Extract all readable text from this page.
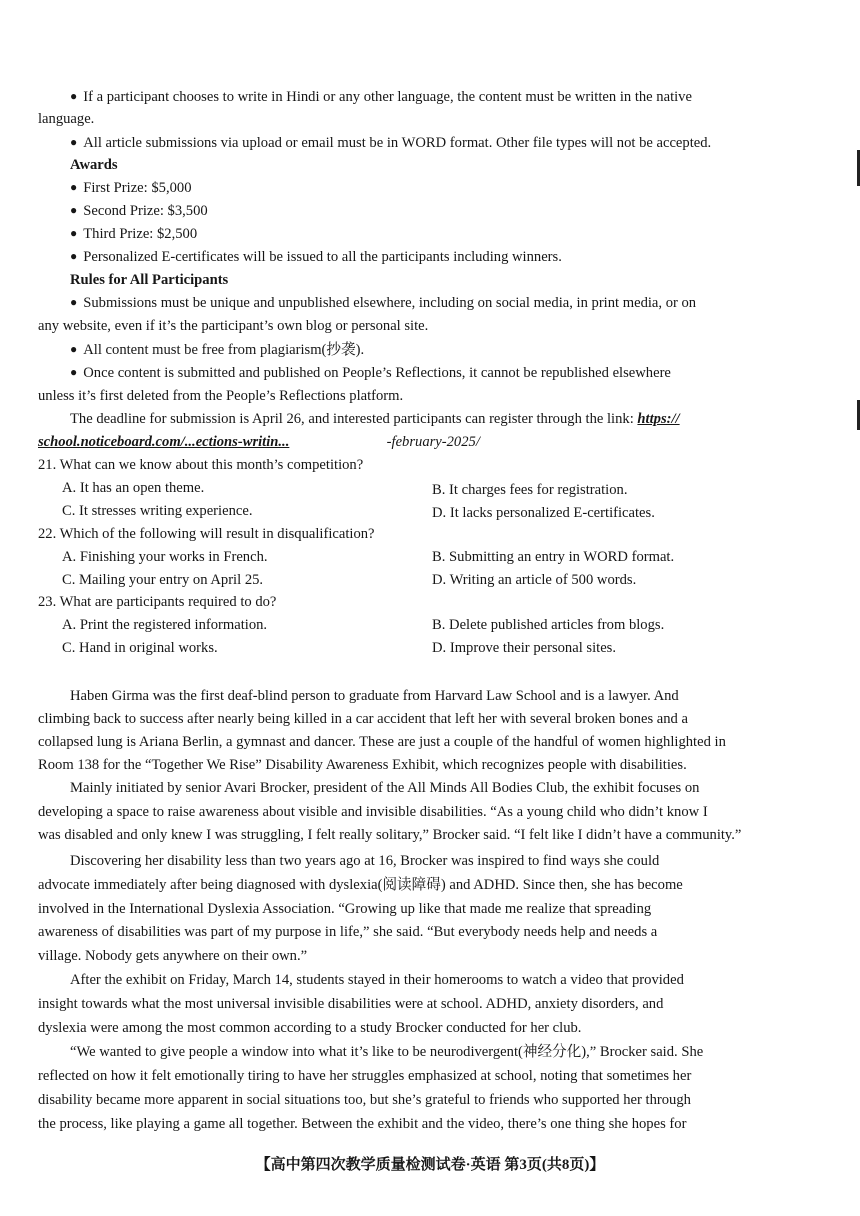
● If a participant chooses to write in Hindi or any other language, the content must be written in the native
language.
● All article submissions via upload or email must be in WORD format. Other file types will not be accepted.
Awards
● First Prize: $5,000
● Second Prize: $3,500
● Third Prize: $2,500
● Personalized E-certificates will be issued to all the participants including winners.
Rules for All Participants
● Submissions must be unique and unpublished elsewhere, including on social media, in print media, or on
any website, even if it’s the participant’s own blog or personal site.
● All content must be free from plagiarism(抄袭).
● Once content is submitted and published on People’s Reflections, it cannot be republished elsewhere
unless it’s first deleted from the People’s Reflections platform.
The deadline for submission is April 26, and interested participants can register through the link: https://
school.noticeboard.com/...ections-writin...	-february-2025/
21. What can we know about this month’s competition?
A. It has an open theme.	B. It charges fees for registration.
C. It stresses writing experience.	D. It lacks personalized E-certificates.
22. Which of the following will result in disqualification?
A. Finishing your works in French.	B. Submitting an entry in WORD format.
C. Mailing your entry on April 25.	D. Writing an article of 500 words.
23. What are participants required to do?
A. Print the registered information.	B. Delete published articles from blogs.
C. Hand in original works.	D. Improve their personal sites.
Haben Girma was the first deaf-blind person to graduate from Harvard Law School and is a lawyer. And
climbing back to success after nearly being killed in a car accident that left her with several broken bones and a
collapsed lung is Ariana Berlin, a gymnast and dancer. These are just a couple of the handful of women highlighted in
Room 138 for the “Together We Rise” Disability Awareness Exhibit, which recognizes people with disabilities.
Mainly initiated by senior Avari Brocker, president of the All Minds All Bodies Club, the exhibit focuses on
developing a space to raise awareness about visible and invisible disabilities. “As a young child who didn’t know I
was disabled and only knew I was struggling, I felt really solitary,” Brocker said. “I felt like I didn’t have a community.”
Discovering her disability less than two years ago at 16, Brocker was inspired to find ways she could
advocate immediately after being diagnosed with dyslexia(阅读障碍) and ADHD. Since then, she has become
involved in the International Dyslexia Association. “Growing up like that made me realize that spreading
awareness of disabilities was part of my purpose in life,” she said. “But everybody needs help and needs a
village. Nobody gets anywhere on their own.”
After the exhibit on Friday, March 14, students stayed in their homerooms to watch a video that provided
insight towards what the most universal invisible disabilities were at school. ADHD, anxiety disorders, and
dyslexia were among the most common according to a study Brocker conducted for her club.
“We wanted to give people a window into what it’s like to be neurodivergent(神经分化),” Brocker said. She
reflected on how it felt emotionally tiring to have her struggles emphasized at school, noting that sometimes her
disability became more apparent in social situations too, but she’s grateful to friends who supported her through
the process, like playing a game all together. Between the exhibit and the video, there’s one thing she hopes for
【高中第四次教学质量检测试卷·英语 第3页(共8页)】
